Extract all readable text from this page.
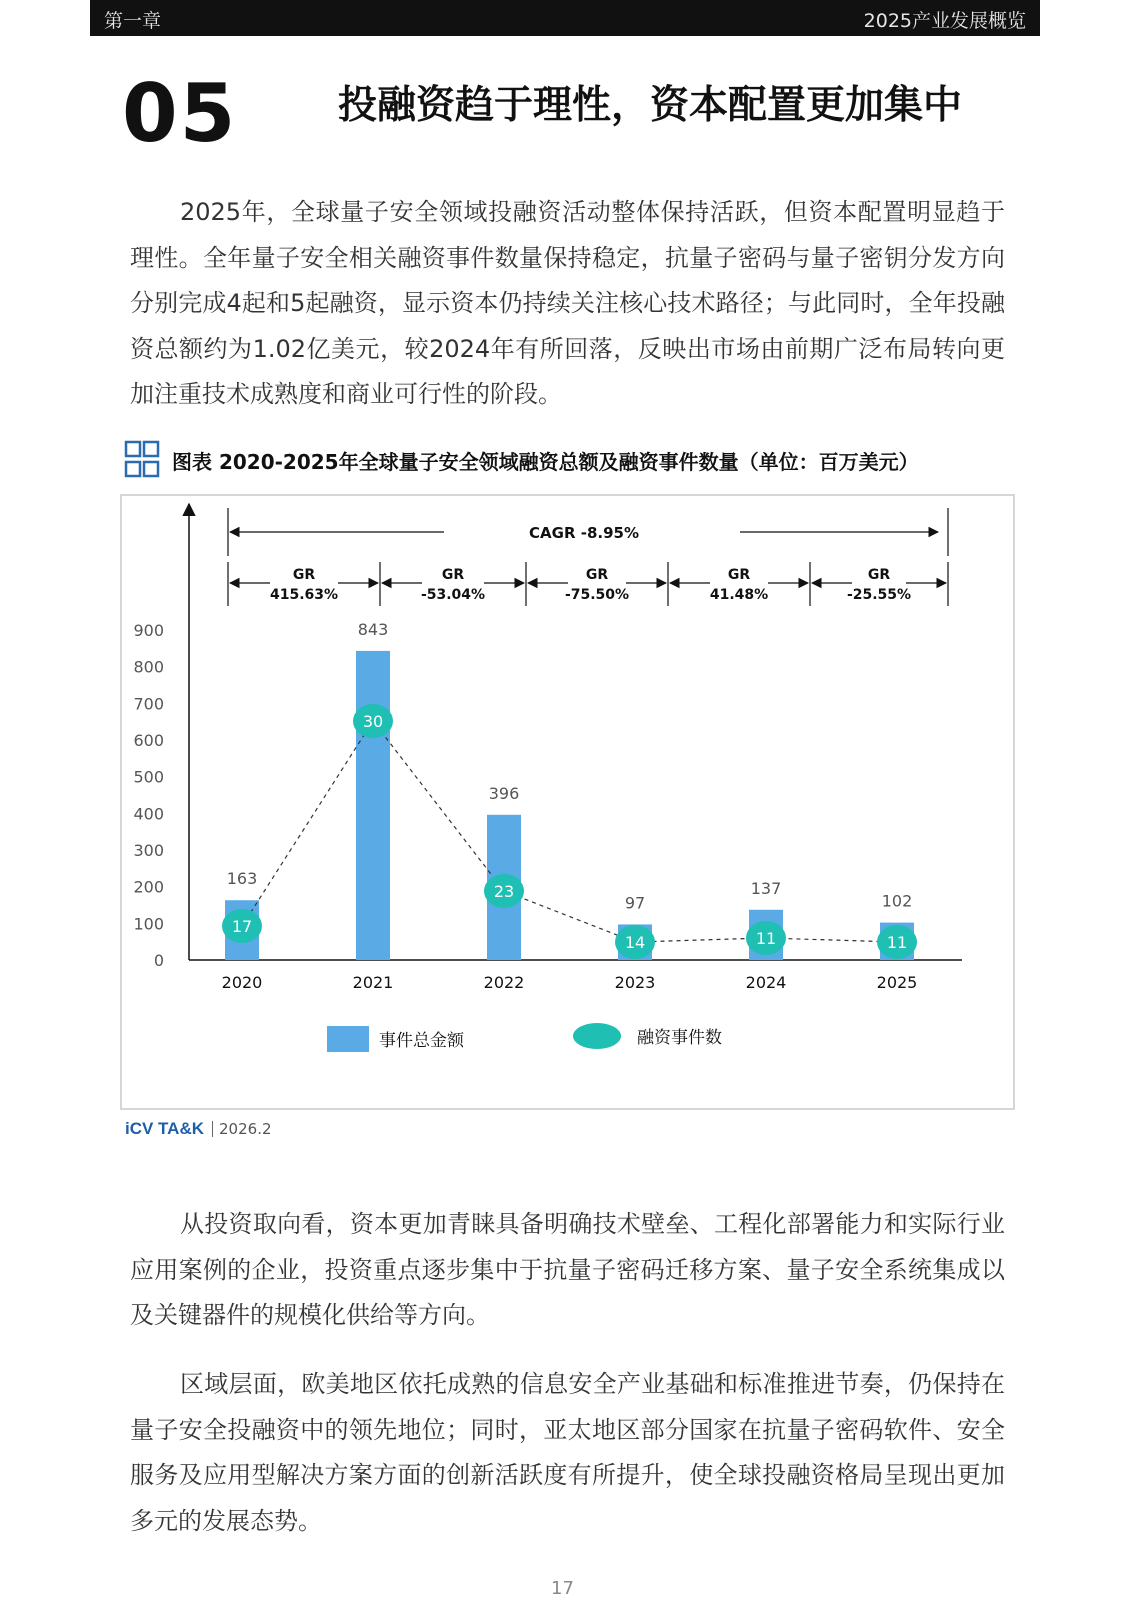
第一章	2025产业发展概览
05	投融资趋于理性，资本配置更加集中

2025年，全球量子安全领域投融资活动整体保持活跃，但资本配置明显趋于理性。全年量子安全相关融资事件数量保持稳定，抗量子密码与量子密钥分发方向分别完成4起和5起融资，显示资本仍持续关注核心技术路径；与此同时，全年投融资总额约为1.02亿美元，较2024年有所回落，反映出市场由前期广泛布局转向更加注重技术成熟度和商业可行性的阶段。

图表 2020-2025年全球量子安全领域融资总额及融资事件数量（单位：百万美元）
0
100
200
300
400
500
600
700
800
900
163
2020
843
2021
396
2022
97
2023
137
2024
102
2025
17
30
23
14	11	11
CAGR -8.95%
GR
415.63%
GR
-53.04%
GR
-75.50%
GR
41.48%
GR
-25.55%
事件总金额	融资事件数
iCV TA&K 2026.2

从投资取向看，资本更加青睐具备明确技术壁垒、工程化部署能力和实际行业应用案例的企业，投资重点逐步集中于抗量子密码迁移方案、量子安全系统集成以及关键器件的规模化供给等方向。

区域层面，欧美地区依托成熟的信息安全产业基础和标准推进节奏，仍保持在量子安全投融资中的领先地位；同时，亚太地区部分国家在抗量子密码软件、安全服务及应用型解决方案方面的创新活跃度有所提升，使全球投融资格局呈现出更加多元的发展态势。

17
